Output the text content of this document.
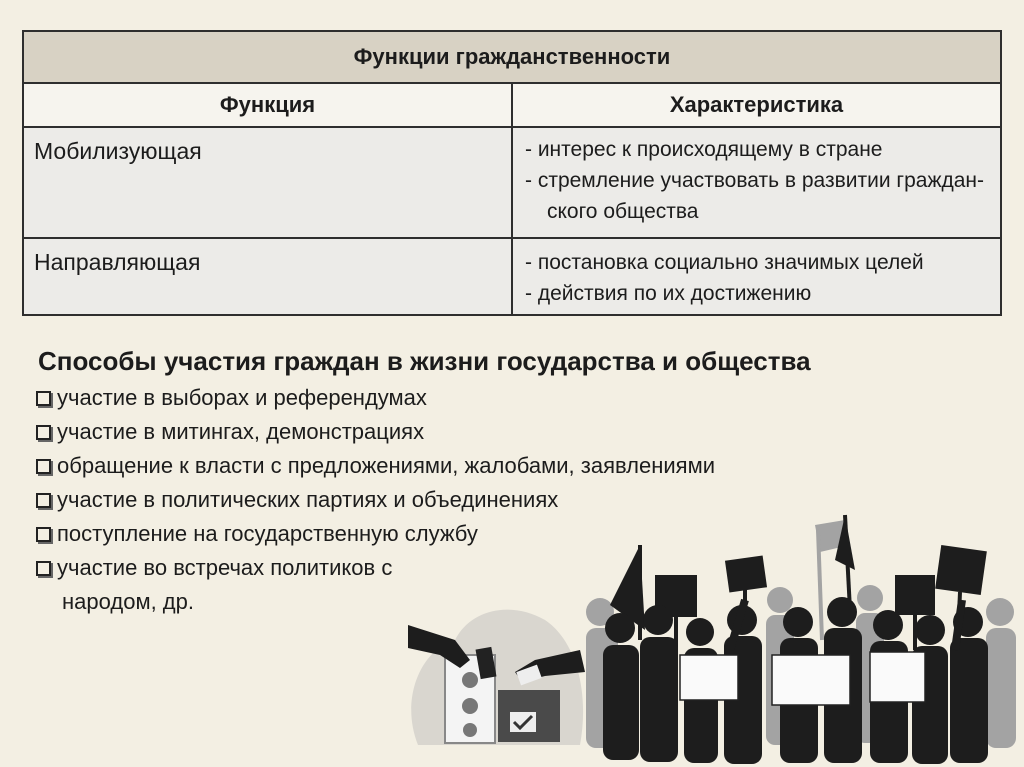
Функции гражданственности	
Функция	Характеристика

Мобилизующая	- интерес к происходящему в стране
- стремление участвовать в развитии граждан-
ского общества

Направляющая	- постановка социально значимых целей
- действия по их достижению
Способы участия граждан в жизни государства и общества
участие в выборах и референдумах
участие в митингах, демонстрациях
обращение к власти с предложениями, жалобами, заявлениями
участие в политических партиях и объединениях
поступление на государственную службу
участие во встречах политиков с
народом, др.
